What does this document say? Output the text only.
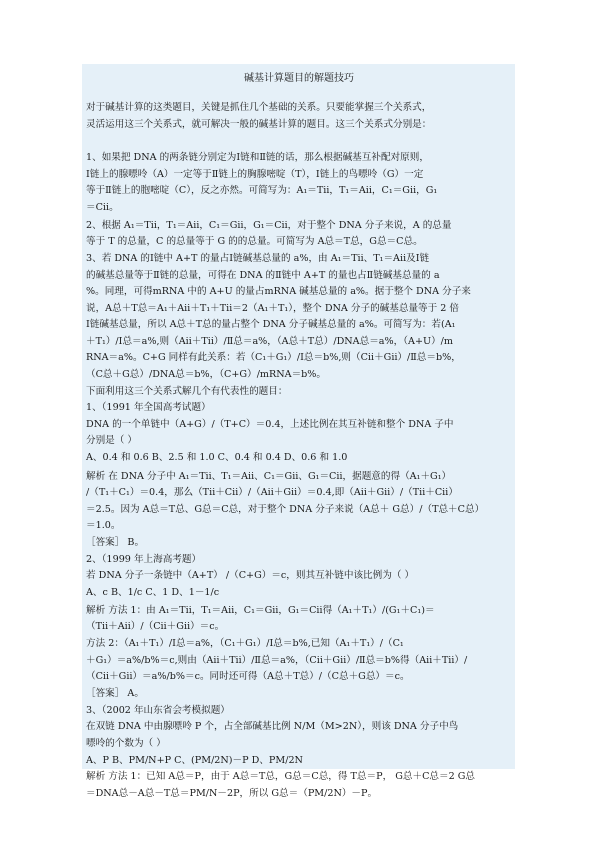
碱基计算题目的解题技巧
对于碱基计算的这类题目，关键是抓住几个基础的关系。只要能掌握三个关系式，
灵活运用这三个关系式，就可解决一般的碱基计算的题目。这三个关系式分别是：
1、如果把 DNA 的两条链分别定为Ⅰ链和Ⅱ链的话，那么根据碱基互补配对原则，
Ⅰ链上的腺嘌呤（A）一定等于Ⅱ链上的胸腺嘧啶（T），Ⅰ链上的鸟嘌呤（G）一定
等于Ⅱ链上的胞嘧啶（C），反之亦然。可简写为：A₁＝Tⅱ，T₁＝Aⅱ，C₁＝Gⅱ，G₁
＝Cⅱ。
2、根据 A₁＝Tⅱ，T₁＝Aⅱ，C₁＝Gⅱ，G₁＝Cⅱ，对于整个 DNA 分子来说，A 的总量
等于 T 的总量，C 的总量等于 G 的的总量。可简写为 A总＝T总，G总＝C总。
3、若 DNA 的Ⅰ链中 A+T 的量占Ⅰ链碱基总量的 a%，由 A₁＝Tⅱ、T₁＝Aⅱ及Ⅰ链
的碱基总量等于Ⅱ链的总量，可得在 DNA 的Ⅱ链中 A+T 的量也占Ⅱ链碱基总量的 a
%。同理，可得mRNA 中的 A+U 的量占mRNA 碱基总量的 a%。据于整个 DNA 分子来
说，A总＋T总＝A₁＋Aⅱ＋T₁＋Tⅱ＝2（A₁＋T₁），整个 DNA 分子的碱基总量等于 2 倍
Ⅰ链碱基总量，所以 A总＋T总的量占整个 DNA 分子碱基总量的 a%。可简写为：若(A₁
＋T₁）/Ⅰ总＝a%,则（Aⅱ＋Tⅱ）/Ⅱ总＝a%，（A总＋T总）/DNA总＝a%，（A+U）/m
RNA＝a%。C+G 同样有此关系：若（C₁＋G₁）/Ⅰ总＝b%,则（Cⅱ＋Gⅱ）/Ⅱ总＝b%，
（C总＋G总）/DNA总＝b%，（C+G）/mRNA＝b%。
下面利用这三个关系式解几个有代表性的题目：
1、（1991 年全国高考试题）
DNA 的一个单链中（A+G）/（T+C）＝0.4，上述比例在其互补链和整个 DNA 子中
分别是（ ）
A、0.4 和 0.6 B、2.5 和 1.0 C、0.4 和 0.4 D、0.6 和 1.0
解析 在 DNA 分子中 A₁＝Tⅱ、T₁＝Aⅱ、C₁＝Gⅱ、G₁＝Cⅱ，据题意的得（A₁＋G₁）
/（T₁＋C₁）＝0.4，那么（Tⅱ＋Cⅱ）/（Aⅱ＋Gⅱ）＝0.4,即（Aⅱ＋Gⅱ）/（Tⅱ＋Cⅱ）
＝2.5。因为 A总＝T总、G总＝C总，对于整个 DNA 分子来说（A总＋ G总）/（T总＋C总）
＝1.0。
［答案］ B。
2、（1999 年上海高考题）
若 DNA 分子一条链中（A+T） /（C+G）＝c，则其互补链中该比例为（ ）
A、c B、1/c C、1 D、1－1/c
解析 方法 1：由 A₁＝Tⅱ，T₁＝Aⅱ，C₁＝Gⅱ，G₁＝Cⅱ得（A₁＋T₁）/(G₁＋C₁)＝
（Tⅱ＋Aⅱ）/（Cⅱ＋Gⅱ）＝c。
方法 2：（A₁＋T₁）/Ⅰ总＝a%，（C₁＋G₁）/Ⅰ总＝b%,已知（A₁＋T₁）/（C₁
＋G₁）＝a%/b%＝c,则由（Aⅱ＋Tⅱ）/Ⅱ总＝a%，（Cⅱ＋Gⅱ）/Ⅱ总＝b%得（Aⅱ＋Tⅱ）/
（Cⅱ＋Gⅱ）＝a%/b%＝c。同时还可得（A总＋T总）/（C总＋G总）＝c。
［答案］ A。
3、（2002 年山东省会考模拟题）
在双链 DNA 中由腺嘌呤 P 个，占全部碱基比例 N/M（M>2N），则该 DNA 分子中鸟
嘌呤的个数为（ ）
A、P B、PM/N+P C、(PM/2N)－P D、PM/2N
解析 方法 1：已知 A总＝P，由于 A总＝T总，G总＝C总，得 T总＝P， G总＋C总＝2 G总
＝DNA总－A总－T总＝PM/N－2P，所以 G总＝（PM/2N）－P。
